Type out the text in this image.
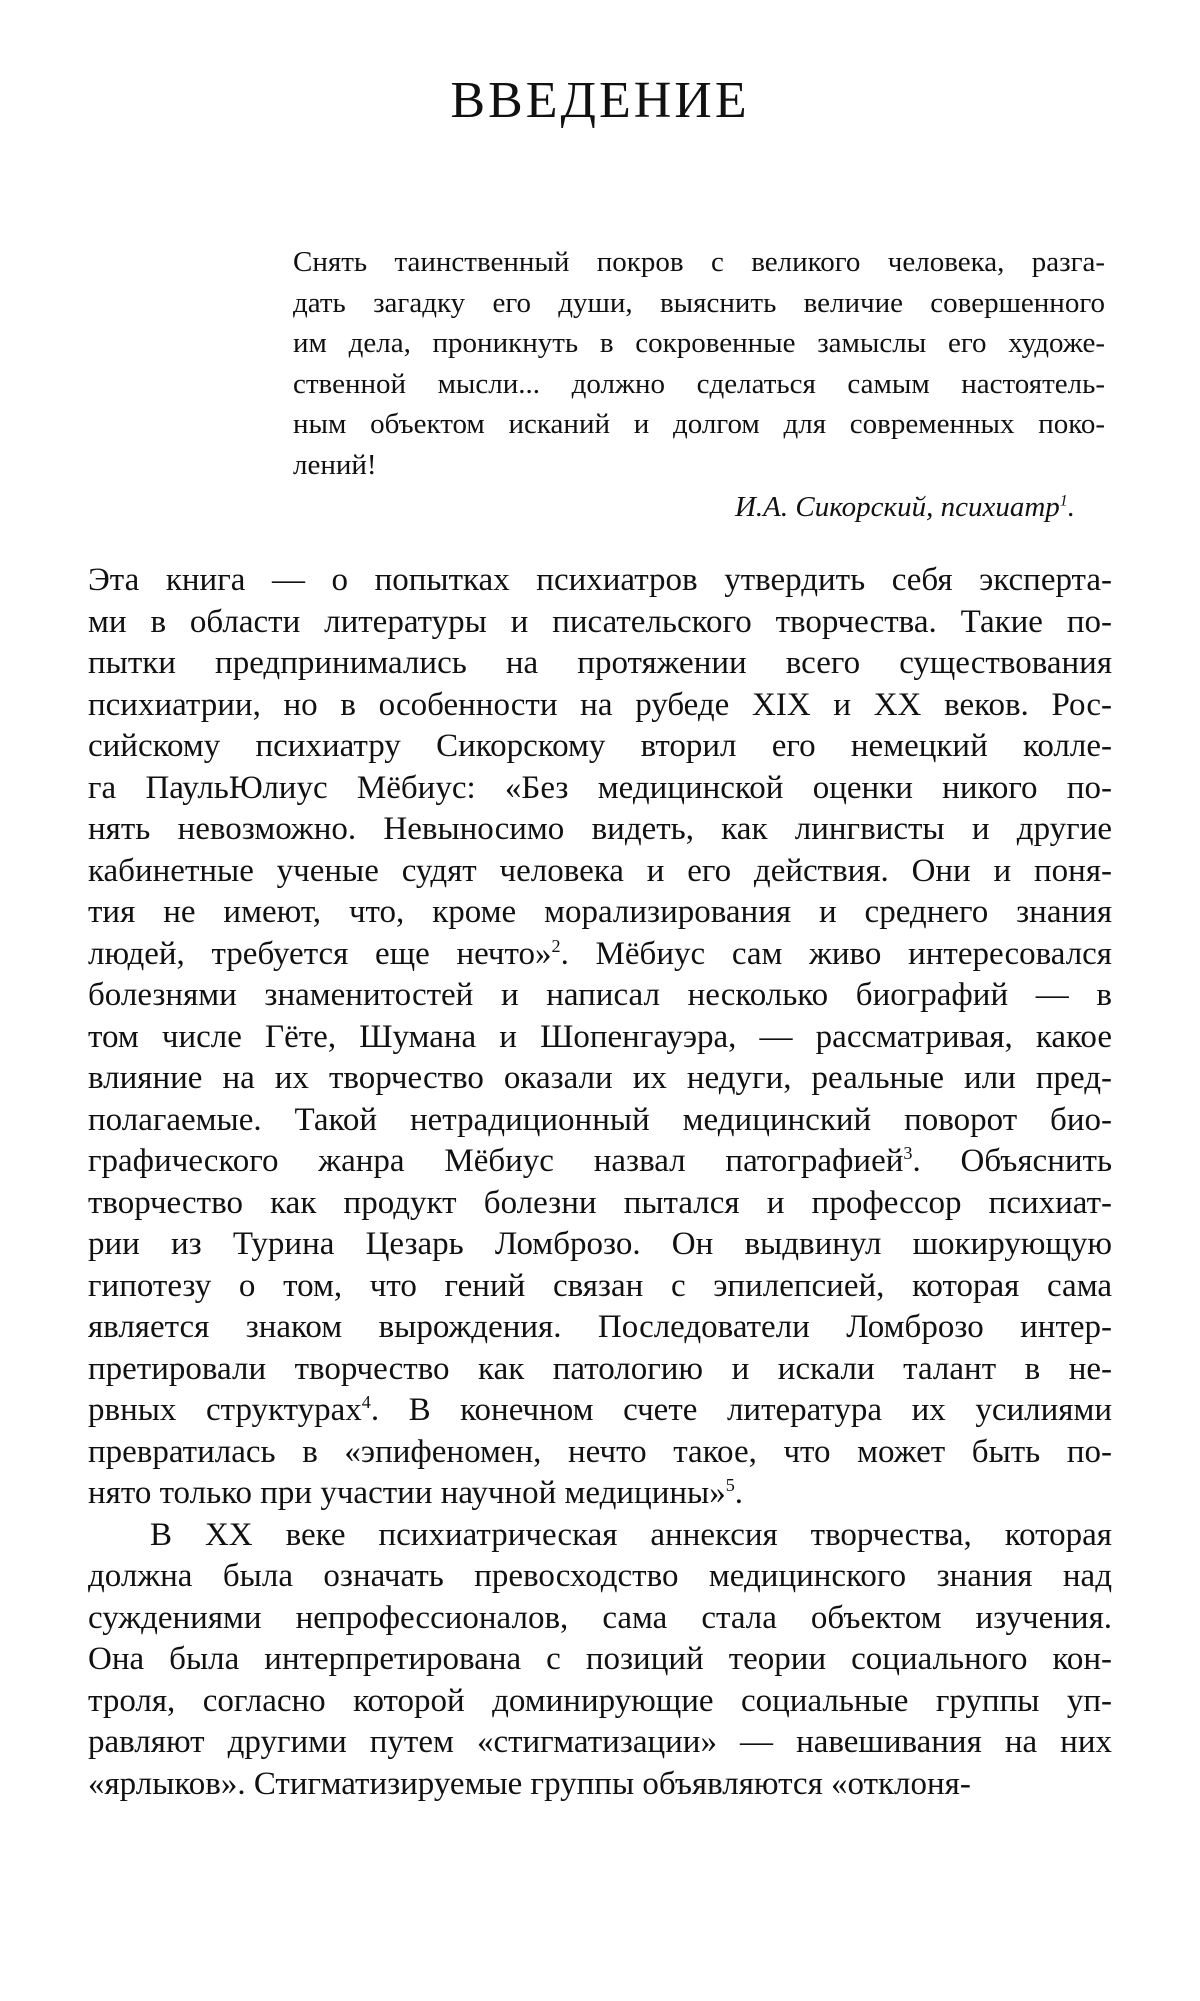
ВВЕДЕНИЕ
Снять таинственный покров с великого человека, разга-
дать загадку его души, выяснить величие совершенного
им дела, проникнуть в сокровенные замыслы его художе-
ственной мысли... должно сделаться самым настоятель-
ным объектом исканий и долгом для современных поко-
лений!
И.А. Сикорский, психиатр$^1$.
Эта книга — о попытках психиатров утвердить себя эксперта-
ми в области литературы и писательского творчества. Такие по-
пытки предпринимались на протяжении всего существования
психиатрии, но в особенности на рубеде XIX и XX веков. Рос-
сийскому психиатру Сикорскому вторил его немецкий колле-
га ПаульЮлиус Мёбиус: «Без медицинской оценки никого по-
нять невозможно. Невыносимо видеть, как лингвисты и другие
кабинетные ученые судят человека и его действия. Они и поня-
тия не имеют, что, кроме морализирования и среднего знания
людей, требуется еще нечто»$^2$. Мёбиус сам живо интересовался
болезнями знаменитостей и написал несколько биографий — в
том числе Гёте, Шумана и Шопенгауэра, — рассматривая, какое
влияние на их творчество оказали их недуги, реальные или пред-
полагаемые. Такой нетрадиционный медицинский поворот био-
графического жанра Мёбиус назвал патографией$^3$. Объяснить
творчество как продукт болезни пытался и профессор психиат-
рии из Турина Цезарь Ломброзо. Он выдвинул шокирующую
гипотезу о том, что гений связан с эпилепсией, которая сама
является знаком вырождения. Последователи Ломброзо интер-
претировали творчество как патологию и искали талант в не-
рвных структурах$^4$. В конечном счете литература их усилиями
превратилась в «эпифеномен, нечто такое, что может быть по-
нято только при участии научной медицины»$^5$.
В XX веке психиатрическая аннексия творчества, которая
должна была означать превосходство медицинского знания над
суждениями непрофессионалов, сама стала объектом изучения.
Она была интерпретирована с позиций теории социального кон-
троля, согласно которой доминирующие социальные группы уп-
равляют другими путем «стигматизации» — навешивания на них
«ярлыков». Стигматизируемые группы объявляются «отклоня-
